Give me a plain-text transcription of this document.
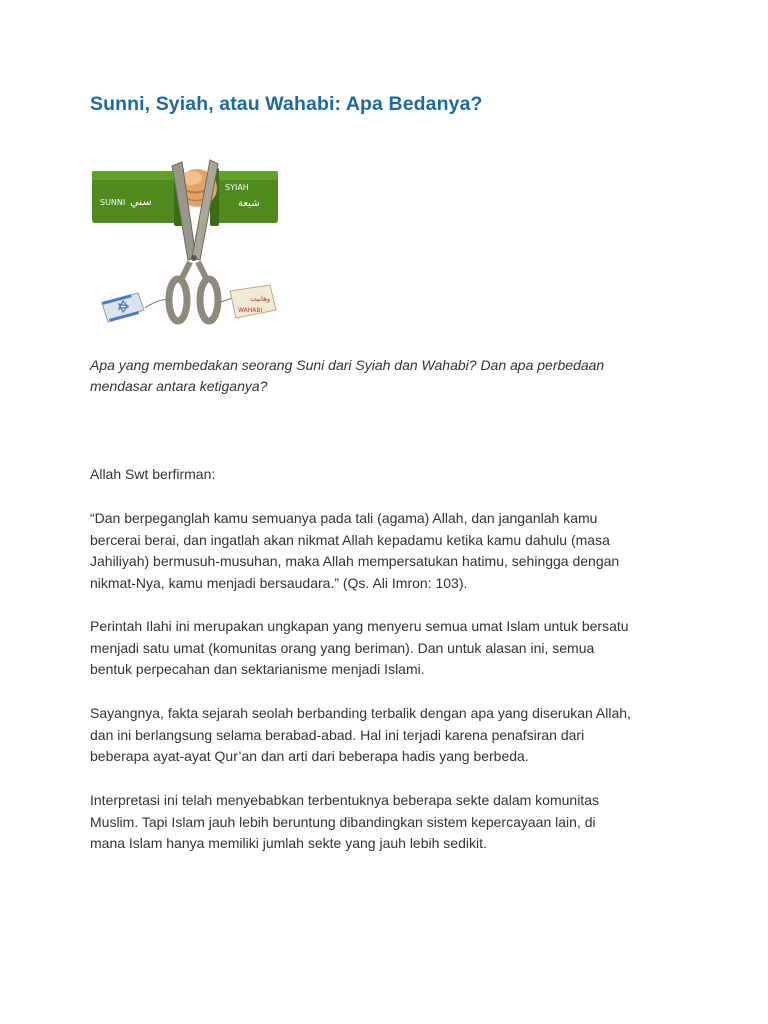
Sunni, Syiah, atau Wahabi: Apa Bedanya?
SUNNI سني
SYIAH
شيعة
وهابيت
WAHABI

Apa yang membedakan seorang Suni dari Syiah dan Wahabi? Dan apa perbedaan
mendasar antara ketiganya?

Allah Swt berfirman:

“Dan berpeganglah kamu semuanya pada tali (agama) Allah, dan janganlah kamu
bercerai berai, dan ingatlah akan nikmat Allah kepadamu ketika kamu dahulu (masa
Jahiliyah) bermusuh-musuhan, maka Allah mempersatukan hatimu, sehingga dengan
nikmat-Nya, kamu menjadi bersaudara.” (Qs. Ali Imron: 103).

Perintah Ilahi ini merupakan ungkapan yang menyeru semua umat Islam untuk bersatu
menjadi satu umat (komunitas orang yang beriman). Dan untuk alasan ini, semua
bentuk perpecahan dan sektarianisme menjadi Islami.

Sayangnya, fakta sejarah seolah berbanding terbalik dengan apa yang diserukan Allah,
dan ini berlangsung selama berabad-abad. Hal ini terjadi karena penafsiran dari
beberapa ayat-ayat Qur’an dan arti dari beberapa hadis yang berbeda.

Interpretasi ini telah menyebabkan terbentuknya beberapa sekte dalam komunitas
Muslim. Tapi Islam jauh lebih beruntung dibandingkan sistem kepercayaan lain, di
mana Islam hanya memiliki jumlah sekte yang jauh lebih sedikit.
